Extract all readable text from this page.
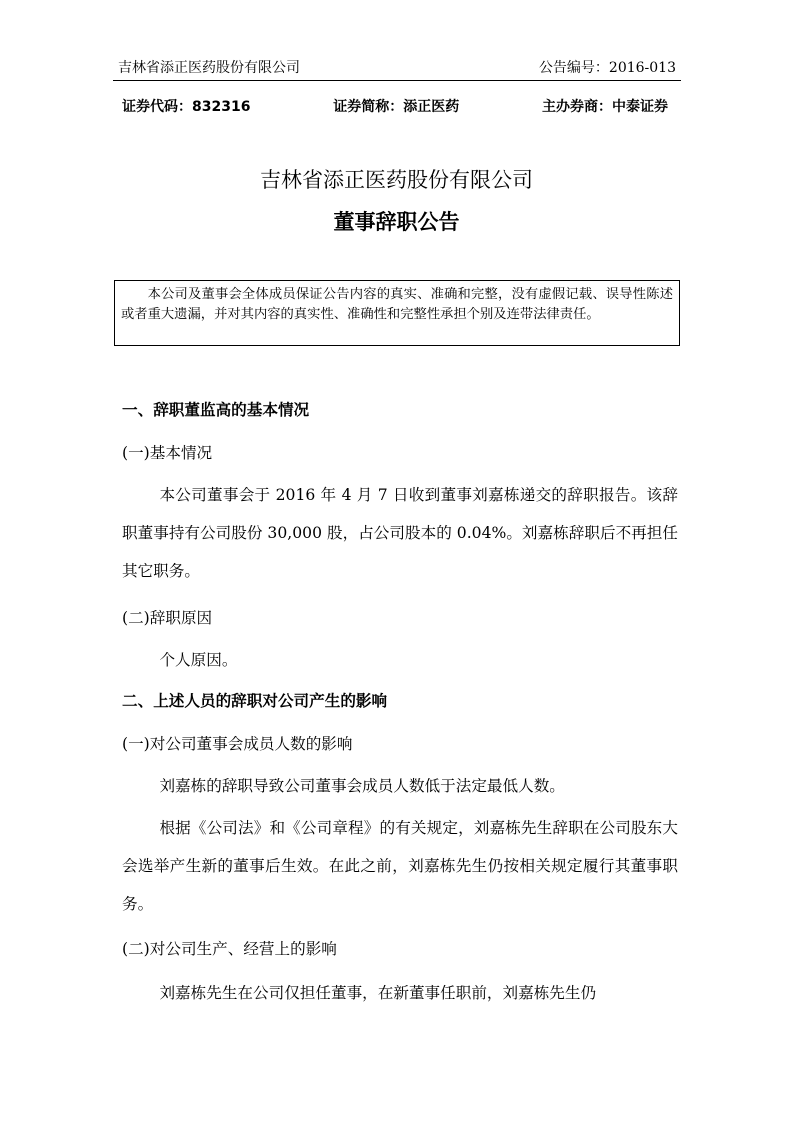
吉林省添正医药股份有限公司	公告编号：2016-013
证券代码：832316	证券简称：添正医药	主办券商：中泰证券
吉林省添正医药股份有限公司
董事辞职公告
本公司及董事会全体成员保证公告内容的真实、准确和完整，没有虚假记载、误导性陈述或者重大遗漏，并对其内容的真实性、准确性和完整性承担个别及连带法律责任。
一、辞职董监高的基本情况
(一)基本情况
本公司董事会于 2016 年 4 月 7 日收到董事刘嘉栋递交的辞职报告。该辞职董事持有公司股份 30,000 股，占公司股本的 0.04%。刘嘉栋辞职后不再担任其它职务。
(二)辞职原因
个人原因。
二、上述人员的辞职对公司产生的影响
(一)对公司董事会成员人数的影响
刘嘉栋的辞职导致公司董事会成员人数低于法定最低人数。
根据《公司法》和《公司章程》的有关规定，刘嘉栋先生辞职在公司股东大会选举产生新的董事后生效。在此之前，刘嘉栋先生仍按相关规定履行其董事职务。
(二)对公司生产、经营上的影响
刘嘉栋先生在公司仅担任董事，在新董事任职前，刘嘉栋先生仍
